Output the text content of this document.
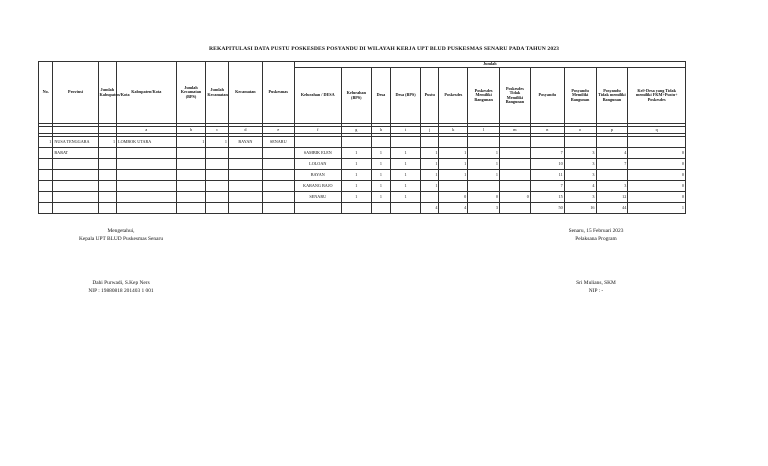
REKAPITULASI DATA PUSTU POSKESDES POSYANDU DI WILAYAH KERJA UPT BLUD PUSKESMAS SENARU PADA TAHUN 2023
No.	Provinsi	Jumlah Kabupaten/Kota	Kabupaten/Kota	Jumlah Kecamatan (BPS)	Jumlah Kecamatan	Kecamatan	Puskesmas	Jumlah											
								Kelurahan / DESA	Kelurahan (BPS)	Desa	Desa (BPS)	Pustu	Poskesdes	Poskesdes Memiliki Bangunan	Poskesdes Tidak Memiliki Bangunan	Posyandu	Posyandu Memiliki Bangunan	Posyandu Tidak memiliki Bangunan	Kel+Desa yang Tidak memiliki FKM+Pustu+ Poskesdes

			a	b	c	d	e	f	g	h	i	j	k	l	m	n	o	p	q

1	NUSA TENGGARA	1	LOMBOK UTARA	1	1	BAYAN	SENARU												
	BARAT							SAMBIK ELEN	1	1	1	1	1	1		7	3	4	0
								LOLOAN	1	1	1	1	1	1		10	3	7	0
								BAYAN	1	1	1	1	1	1		11	3		0
								KARANG BAJO	1	1	1	1				7	4	3	0
								SENARU	1	1	1		0	0	0	15	3	12	0
												4	4	3		50	16	44	1
Mengetahui,
Kepala UPT BLUD Puskesmas Senaru
Dahi Purwadi, S.Kep Ners
NIP : 19880818 201403 1 001
Senaru, 15 Februari 2023
Pelaksana Program
Sri Mulians, SKM
NIP : -
